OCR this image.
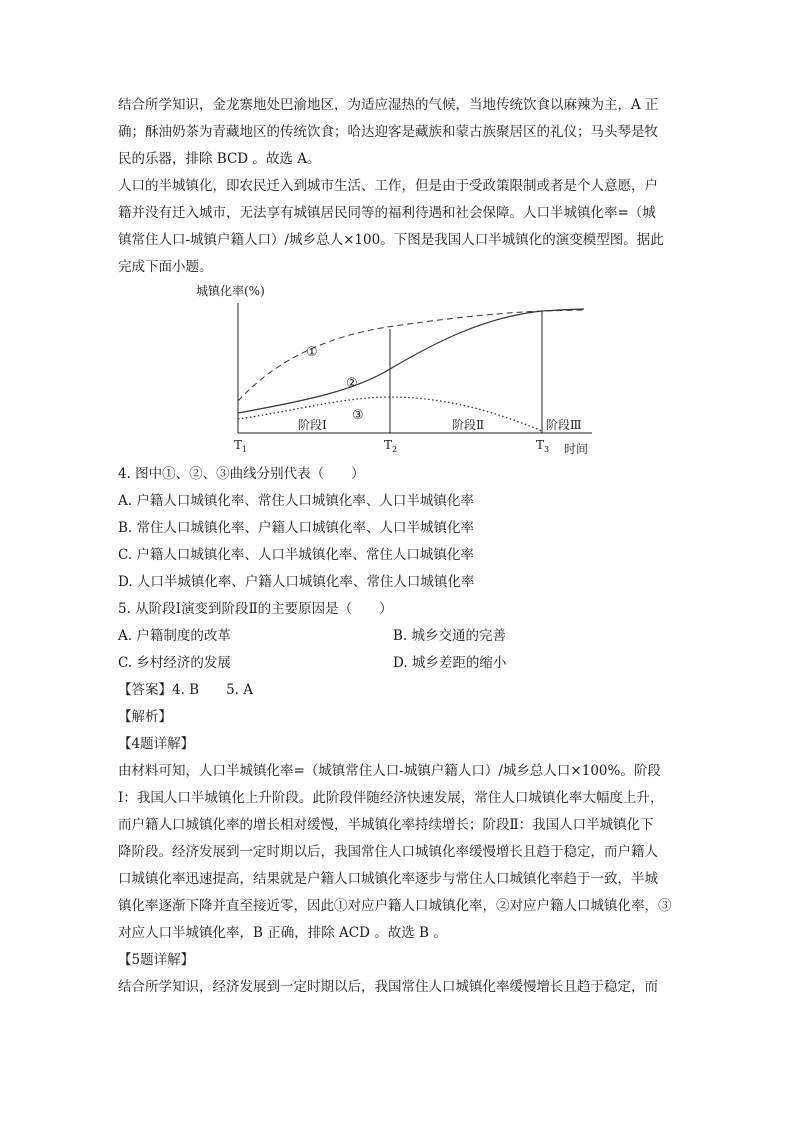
结合所学知识，金龙寨地处巴渝地区，为适应湿热的气候，当地传统饮食以麻辣为主，A 正
确；酥油奶茶为青藏地区的传统饮食；哈达迎客是藏族和蒙古族聚居区的礼仪；马头琴是牧
民的乐器，排除 BCD 。故选 A。
人口的半城镇化，即农民迁入到城市生活、工作，但是由于受政策限制或者是个人意愿，户
籍并没有迁入城市，无法享有城镇居民同等的福利待遇和社会保障。人口半城镇化率=（城
镇常住人口-城镇户籍人口）/城乡总人×100。下图是我国人口半城镇化的演变模型图。据此
完成下面小题。
城镇化率(%)
①
②
③
阶段Ⅰ	阶段Ⅱ	阶段Ⅲ
$T_1$	$T_2$	$T_3$ 时间
4. 图中①、②、③曲线分别代表（　　）
A. 户籍人口城镇化率、常住人口城镇化率、人口半城镇化率
B. 常住人口城镇化率、户籍人口城镇化率、人口半城镇化率
C. 户籍人口城镇化率、人口半城镇化率、常住人口城镇化率
D. 人口半城镇化率、户籍人口城镇化率、常住人口城镇化率
5. 从阶段Ⅰ演变到阶段Ⅱ的主要原因是（　　）
A. 户籍制度的改革	B. 城乡交通的完善
C. 乡村经济的发展	D. 城乡差距的缩小
【答案】4. B　　5. A
【解析】
【4题详解】
由材料可知，人口半城镇化率=（城镇常住人口-城镇户籍人口）/城乡总人口×100%。阶段
Ⅰ：我国人口半城镇化上升阶段。此阶段伴随经济快速发展，常住人口城镇化率大幅度上升，
而户籍人口城镇化率的增长相对缓慢，半城镇化率持续增长；阶段Ⅱ：我国人口半城镇化下
降阶段。经济发展到一定时期以后，我国常住人口城镇化率缓慢增长且趋于稳定，而户籍人
口城镇化率迅速提高，结果就是户籍人口城镇化率逐步与常住人口城镇化率趋于一致，半城
镇化率逐渐下降并直至接近零，因此①对应户籍人口城镇化率，②对应户籍人口城镇化率，③
对应人口半城镇化率，B 正确，排除 ACD 。故选 B 。
【5题详解】
结合所学知识，经济发展到一定时期以后，我国常住人口城镇化率缓慢增长且趋于稳定，而
